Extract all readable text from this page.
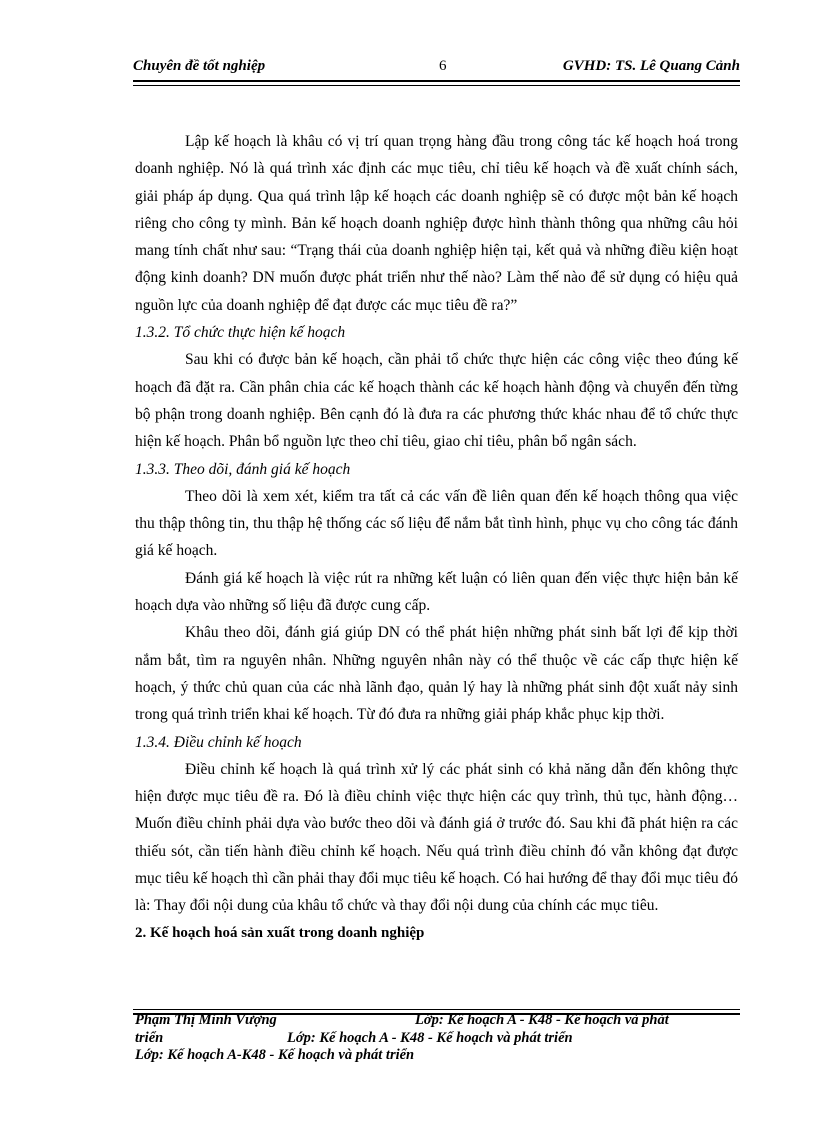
Chuyên đề tốt nghiệp	6	GVHD: TS. Lê Quang Cảnh

Lập kế hoạch là khâu có vị trí quan trọng hàng đầu trong công tác kế hoạch hoá trong doanh nghiệp. Nó là quá trình xác định các mục tiêu, chỉ tiêu kế hoạch và đề xuất chính sách, giải pháp áp dụng. Qua quá trình lập kế hoạch các doanh nghiệp sẽ có được một bản kế hoạch riêng cho công ty mình. Bản kế hoạch doanh nghiệp được hình thành thông qua những câu hỏi mang tính chất như sau: “Trạng thái của doanh nghiệp hiện tại, kết quả và những điều kiện hoạt động kinh doanh? DN muốn được phát triển như thế nào? Làm thế nào để sử dụng có hiệu quả nguồn lực của doanh nghiệp để đạt được các mục tiêu đề ra?”

1.3.2. Tổ chức thực hiện kế hoạch

Sau khi có được bản kế hoạch, cần phải tổ chức thực hiện các công việc theo đúng kế hoạch đã đặt ra. Cần phân chia các kế hoạch thành các kế hoạch hành động và chuyển đến từng bộ phận trong doanh nghiệp. Bên cạnh đó là đưa ra các phương thức khác nhau để tổ chức thực hiện kế hoạch. Phân bổ nguồn lực theo chỉ tiêu, giao chỉ tiêu, phân bổ ngân sách.

1.3.3. Theo dõi, đánh giá kế hoạch

Theo dõi là xem xét, kiểm tra tất cả các vấn đề liên quan đến kế hoạch thông qua việc thu thập thông tin, thu thập hệ thống các số liệu để nắm bắt tình hình, phục vụ cho công tác đánh giá kế hoạch.

Đánh giá kế hoạch là việc rút ra những kết luận có liên quan đến việc thực hiện bản kế hoạch dựa vào những số liệu đã được cung cấp.

Khâu theo dõi, đánh giá giúp DN có thể phát hiện những phát sinh bất lợi để kịp thời nắm bắt, tìm ra nguyên nhân. Những nguyên nhân này có thể thuộc về các cấp thực hiện kế hoạch, ý thức chủ quan của các nhà lãnh đạo, quản lý hay là những phát sinh đột xuất nảy sinh trong quá trình triển khai kế hoạch. Từ đó đưa ra những giải pháp khắc phục kịp thời.

1.3.4. Điều chỉnh kế hoạch

Điều chỉnh kế hoạch là quá trình xử lý các phát sinh có khả năng dẫn đến không thực hiện được mục tiêu đề ra. Đó là điều chỉnh việc thực hiện các quy trình, thủ tục, hành động…Muốn điều chỉnh phải dựa vào bước theo dõi và đánh giá ở trước đó. Sau khi đã phát hiện ra các thiếu sót, cần tiến hành điều chỉnh kế hoạch. Nếu quá trình điều chỉnh đó vẫn không đạt được mục tiêu kế hoạch thì cần phải thay đổi mục tiêu kế hoạch. Có hai hướng để thay đổi mục tiêu đó là: Thay đổi nội dung của khâu tổ chức và thay đổi nội dung của chính các mục tiêu.

2. Kế hoạch hoá sản xuất trong doanh nghiệp

Phạm Thị Minh Vượng	Lớp: Kế hoạch A - K48 - Kế hoạch và phát
triển	Lớp: Kế hoạch A - K48 - Kế hoạch và phát triển
Lớp: Kế hoạch A-K48 - Kế hoạch và phát triển
